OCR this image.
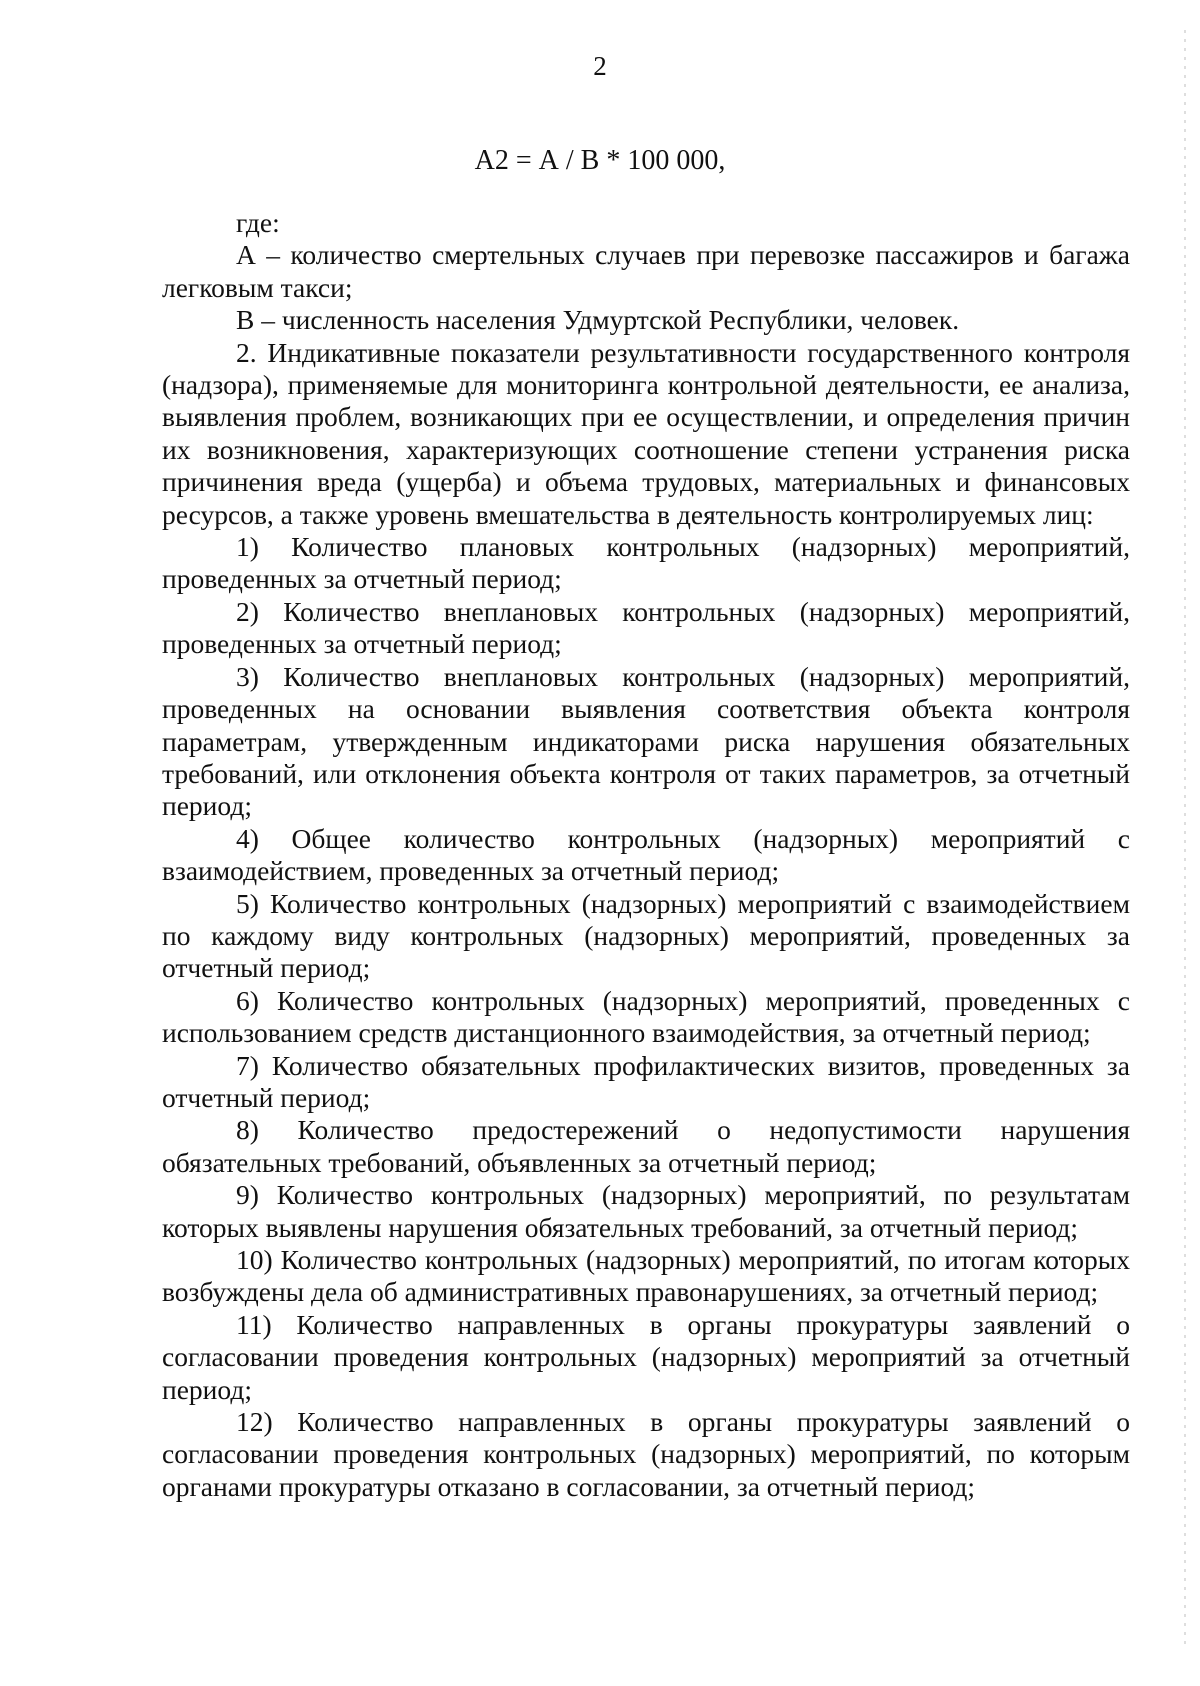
2
А2 = А / В * 100 000,

где:

А – количество смертельных случаев при перевозке пассажиров и багажа легковым такси;

В – численность населения Удмуртской Республики, человек.

2. Индикативные показатели результативности государственного контроля (надзора), применяемые для мониторинга контрольной деятельности, ее анализа, выявления проблем, возникающих при ее осуществлении, и определения причин их возникновения, характеризующих соотношение степени устранения риска причинения вреда (ущерба) и объема трудовых, материальных и финансовых ресурсов, а также уровень вмешательства в деятельность контролируемых лиц:

1) Количество плановых контрольных (надзорных) мероприятий, проведенных за отчетный период;

2) Количество внеплановых контрольных (надзорных) мероприятий, проведенных за отчетный период;

3) Количество внеплановых контрольных (надзорных) мероприятий, проведенных на основании выявления соответствия объекта контроля параметрам, утвержденным индикаторами риска нарушения обязательных требований, или отклонения объекта контроля от таких параметров, за отчетный период;

4) Общее количество контрольных (надзорных) мероприятий с взаимодействием, проведенных за отчетный период;

5) Количество контрольных (надзорных) мероприятий с взаимодействием по каждому виду контрольных (надзорных) мероприятий, проведенных за отчетный период;

6) Количество контрольных (надзорных) мероприятий, проведенных с использованием средств дистанционного взаимодействия, за отчетный период;

7) Количество обязательных профилактических визитов, проведенных за отчетный период;

8) Количество предостережений о недопустимости нарушения обязательных требований, объявленных за отчетный период;

9) Количество контрольных (надзорных) мероприятий, по результатам которых выявлены нарушения обязательных требований, за отчетный период;

10) Количество контрольных (надзорных) мероприятий, по итогам которых возбуждены дела об административных правонарушениях, за отчетный период;

11) Количество направленных в органы прокуратуры заявлений о согласовании проведения контрольных (надзорных) мероприятий за отчетный период;

12) Количество направленных в органы прокуратуры заявлений о согласовании проведения контрольных (надзорных) мероприятий, по которым органами прокуратуры отказано в согласовании, за отчетный период;
